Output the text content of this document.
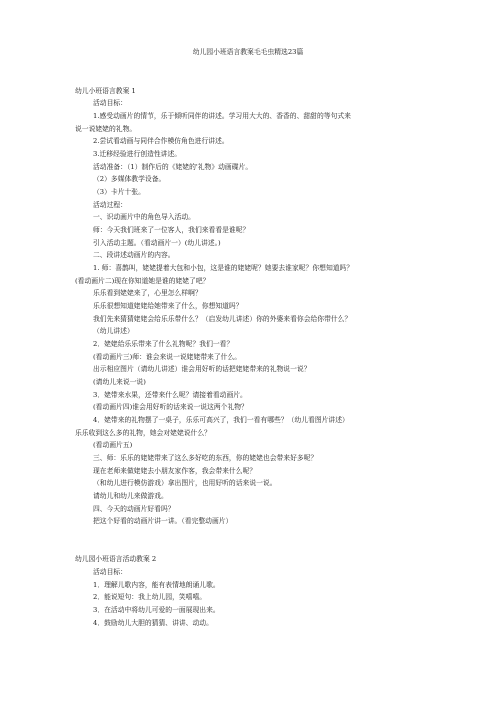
幼儿园小班语言教案毛毛虫精选23篇
幼儿小班语言教案 1
活动目标：
1.感受动画片的情节，乐于倾听同伴的讲述。学习用大大的、香香的、甜甜的等句式来
说一说姥姥的礼物。
2.尝试看动画与同伴合作模仿角色进行讲述。
3.迁移经验进行创造性讲述。
活动准备：（1）制作后的《姥姥的'礼物》动画碟片。
（2）多媒体教学设备。
（3）卡片十张。
活动过程：
一、识动画片中的角色导入活动。
师：今天我们班来了一位客人，我们来看看是谁呢？
引入活动主题。（看动画片一）(幼儿讲述。)
二、段讲述动画片的内容。
1. 师：喜鹊叫，姥姥提着大包和小包，这是谁的姥姥呢？她要去谁家呢？你想知道吗？
(看动画片二)现在你知道她是谁的姥姥了吧？
乐乐看到姥姥来了，心里怎么样啊？
乐乐很想知道姥姥给她带来了什么，你想知道吗？
我们先来猜猜姥姥会给乐乐带什么？（启发幼儿讲述）你的外婆来看你会给你带什么？
（幼儿讲述）
2．姥姥给乐乐带来了什么礼物呢？我们一看？
(看动画片三)师：谁会来说一说姥姥带来了什么。
出示相应图片（请幼儿讲述）谁会用好听的话把姥姥带来的礼物说一说？
(请幼儿来说一说)
3．姥带来水果，还带来什么呢？请接着看动画片。
(看动画片四)谁会用好听的话来说一说这两个礼物？
4．姥带来的礼物摆了一桌子，乐乐可高兴了，我们一看有哪些？（幼儿看图片讲述）
乐乐收到这么多的礼物，她会对姥姥说什么？
(看动画片五)
三、师：乐乐的姥姥带来了这么多好吃的东西，你的姥姥也会带来好多呢？
现在老师来做姥姥去小朋友家作客，我会带来什么呢？
（和幼儿进行模仿游戏）拿出图片，也用好听的话来说一说。
请幼儿和幼儿来做游戏。
四、今天的动画片好看吗？
把这个好看的动画片讲一讲。（看完整动画片）
幼儿园小班语言活动教案 2
活动目标：
1．理解儿歌内容，能有表情地朗诵儿歌。
2．能说短句：我上幼儿园，笑嘻嘻。
3．在活动中将幼儿可爱的一面展现出来。
4．鼓励幼儿大胆的猜猜、讲讲、动动。
